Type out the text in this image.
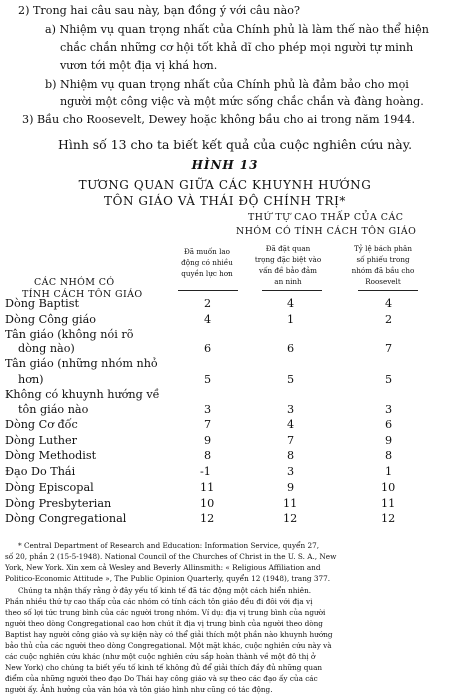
2) Trong hai câu sau này, bạn đồng ý với câu nào?
a) Nhiệm vụ quan trọng nhất của Chính phủ là làm thế nào thể hiện
chắc chắn những cơ hội tốt khả dĩ cho phép mọi người tự minh
vươn tới một địa vị khá hơn.
b) Nhiệm vụ quan trọng nhất của Chính phủ là đảm bảo cho mọi
người một công việc và một mức sống chắc chắn và đàng hoàng.
3) Bầu cho Roosevelt, Dewey hoặc không bầu cho ai trong năm 1944.
Hình số 13 cho ta biết kết quả của cuộc nghiên cứu này.
HÌNH 13
TƯƠNG QUAN GIỮA CÁC KHUYNH HƯỚNG
TÔN GIÁO VÀ THÁI ĐỘ CHÍNH TRỊ*
THỨ TỰ CAO THẤP CỦA CÁC
NHÓM CÓ TÍNH CÁCH TÔN GIÁO
Đã muốn lao
động có nhiều
quyền lực hơn
Đã đặt quan
trọng đặc biệt vào
vấn đề bảo đảm
an ninh
Tỷ lệ bách phân
số phiếu trong
nhóm đã bầu cho
Roosevelt
CÁC NHÓM CÓ
TÍNH CÁCH TÔN GIÁO
Dòng Baptist	2	4	4
Dòng Công giáo	4	1	2
Tân giáo (không nói rõ
dòng nào)	6	6	7
Tân giáo (những nhóm nhỏ
hơn)	5	5	5
Không có khuynh hướng về
tôn giáo nào	3	3	3
Dòng Cơ đốc	7	4	6
Dòng Luther	9	7	9
Dòng Methodist	8	8	8
Đạo Do Thái	-1	3	1
Dòng Episcopal	11	9	10
Dòng Presbyterian	10	11	11
Dòng Congregational	12	12	12
* Central Department of Research and Education: Information Service, quyển 27,
số 20, phần 2 (15-5-1948). National Council of the Churches of Christ in the U. S. A., New
York, New York. Xin xem cả Wesley and Beverly Allinsmith: « Religious Affiliation and
Politico-Economic Attitude », The Public Opinion Quarterly, quyển 12 (1948), trang 377.
Chúng ta nhận thấy rằng ở đây yếu tố kinh tế đã tác động một cách hiển nhiên.
Phần nhiều thứ tự cao thấp của các nhóm có tính cách tôn giáo đều đi đôi với địa vị
theo số lợi tức trung bình của các người trong nhóm. Ví dụ: địa vị trung bình của người
người theo dòng Congregational cao hơn chút ít địa vị trung bình của người theo dòng
Baptist hay người công giáo và sự kiện này có thể giải thích một phần nào khuynh hướng
bảo thủ của các người theo dòng Congregational. Một mặt khác, cuộc nghiên cứu này và
các cuộc nghiên cứu khác (như một cuộc nghiên cứu sắp hoàn thành về một đô thị ở
New York) cho chúng ta biết yếu tố kinh tế không đủ để giải thích đầy đủ những quan
điểm của những người theo đạo Do Thái hay công giáo và sự theo các đạo ấy của các
người ấy. Ảnh hưởng của văn hóa và tôn giáo hình như cũng có tác động.
